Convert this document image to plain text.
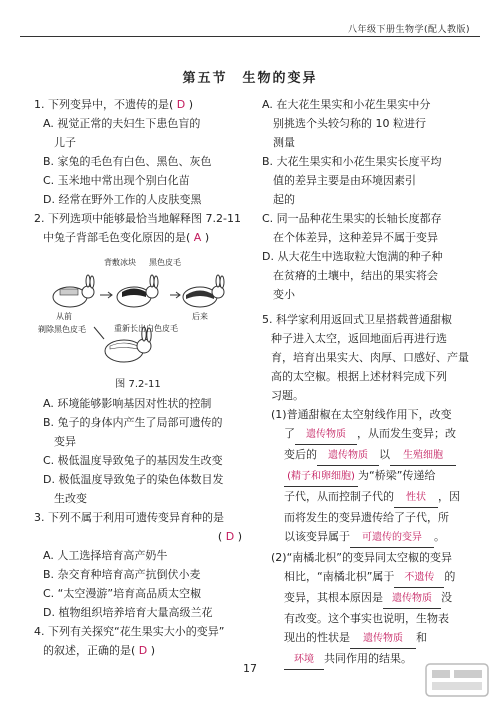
八年级下册生物学(配人教版)
第五节　生物的变异

1. 下列变异中，不遗传的是( D )

A. 视觉正常的夫妇生下患色盲的

儿子

B. 家兔的毛色有白色、黑色、灰色

C. 玉米地中常出现个别白化苗

D. 经常在野外工作的人皮肤变黑

2. 下列选项中能够最恰当地解释图 7.2-11

中兔子背部毛色变化原因的是( A )

背敷冰块 黑色皮毛
从前
剃除黑色皮毛	重新长出白色皮毛
后来

图 7.2-11

A. 环境能够影响基因对性状的控制

B. 兔子的身体内产生了局部可遗传的

变异

C. 极低温度导致兔子的基因发生改变

D. 极低温度导致兔子的染色体数目发

生改变

3. 下列不属于利用可遗传变异育种的是

( D )

A. 人工选择培育高产奶牛

B. 杂交育种培育高产抗倒伏小麦

C. “太空漫游”培育高品质太空椒

D. 植物组织培养培育大量高级兰花

4. 下列有关探究“花生果实大小的变异”

的叙述，正确的是( D )

A. 在大花生果实和小花生果实中分

别挑选个头较匀称的 10 粒进行

测量

B. 大花生果实和小花生果实长度平均

值的差异主要是由环境因素引

起的

C. 同一品种花生果实的长轴长度都存

在个体差异，这种差异不属于变异

D. 从大花生中选取粒大饱满的种子种

在贫瘠的土壤中，结出的果实将会

变小

5. 科学家利用返回式卫星搭载普通甜椒

种子进入太空，返回地面后再进行选

育，培育出果实大、肉厚、口感好、产量

高的太空椒。根据上述材料完成下列

习题。

(1)普通甜椒在太空射线作用下，改变

了 遗传物质 ，从而发生变异；改

变后的 遗传物质 以 生殖细胞

(精子和卵细胞) 为“桥梁”传递给

子代，从而控制子代的 性状 ，因

而将发生的变异遗传给了子代，所

以该变异属于 可遗传的变异 。

(2)“南橘北枳”的变异同太空椒的变异

相比，“南橘北枳”属于 不遗传 的

变异，其根本原因是 遗传物质 没

有改变。这个事实也说明，生物表

现出的性状是 遗传物质 和

环境 共同作用的结果。

17
